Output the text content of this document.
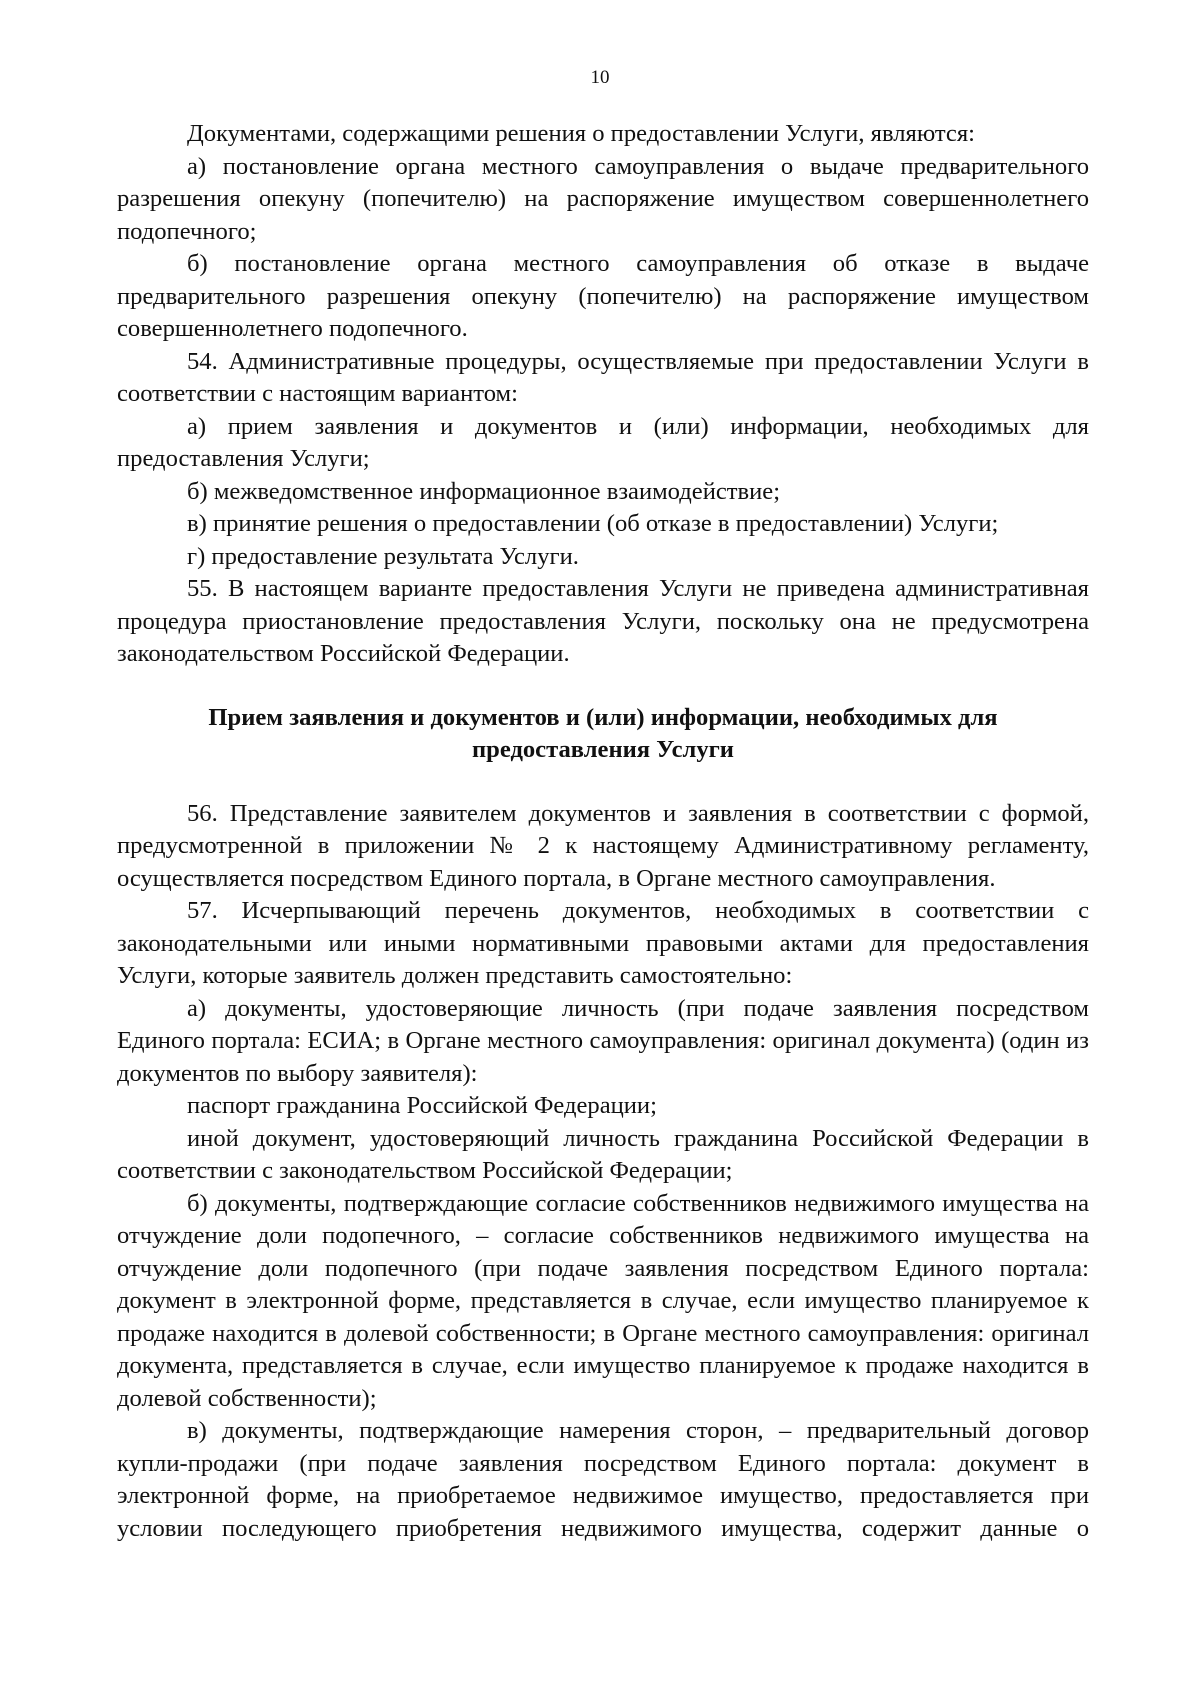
10

Документами, содержащими решения о предоставлении Услуги, являются:

а) постановление органа местного самоуправления о выдаче предварительного разрешения опекуну (попечителю) на распоряжение имуществом совершеннолетнего подопечного;

б) постановление органа местного самоуправления об отказе в выдаче предварительного разрешения опекуну (попечителю) на распоряжение имуществом совершеннолетнего подопечного.

54. Административные процедуры, осуществляемые при предоставлении Услуги в соответствии с настоящим вариантом:

а) прием заявления и документов и (или) информации, необходимых для предоставления Услуги;

б) межведомственное информационное взаимодействие;

в) принятие решения о предоставлении (об отказе в предоставлении) Услуги;

г) предоставление результата Услуги.

55. В настоящем варианте предоставления Услуги не приведена административная процедура приостановление предоставления Услуги, поскольку она не предусмотрена законодательством Российской Федерации.

Прием заявления и документов и (или) информации, необходимых для
предоставления Услуги

56. Представление заявителем документов и заявления в соответствии с формой, предусмотренной в приложении № 2 к настоящему Административному регламенту, осуществляется посредством Единого портала, в Органе местного самоуправления.

57. Исчерпывающий перечень документов, необходимых в соответствии с законодательными или иными нормативными правовыми актами для предоставления Услуги, которые заявитель должен представить самостоятельно:

а) документы, удостоверяющие личность (при подаче заявления посредством Единого портала: ЕСИА; в Органе местного самоуправления: оригинал документа) (один из документов по выбору заявителя):

паспорт гражданина Российской Федерации;

иной документ, удостоверяющий личность гражданина Российской Федерации в соответствии с законодательством Российской Федерации;

б) документы, подтверждающие согласие собственников недвижимого имущества на отчуждение доли подопечного, – согласие собственников недвижимого имущества на отчуждение доли подопечного (при подаче заявления посредством Единого портала: документ в электронной форме, представляется в случае, если имущество планируемое к продаже находится в долевой собственности; в Органе местного самоуправления: оригинал документа, представляется в случае, если имущество планируемое к продаже находится в долевой собственности);

в) документы, подтверждающие намерения сторон, – предварительный договор купли-продажи (при подаче заявления посредством Единого портала: документ в электронной форме, на приобретаемое недвижимое имущество, предоставляется при условии последующего приобретения недвижимого имущества, содержит данные о
